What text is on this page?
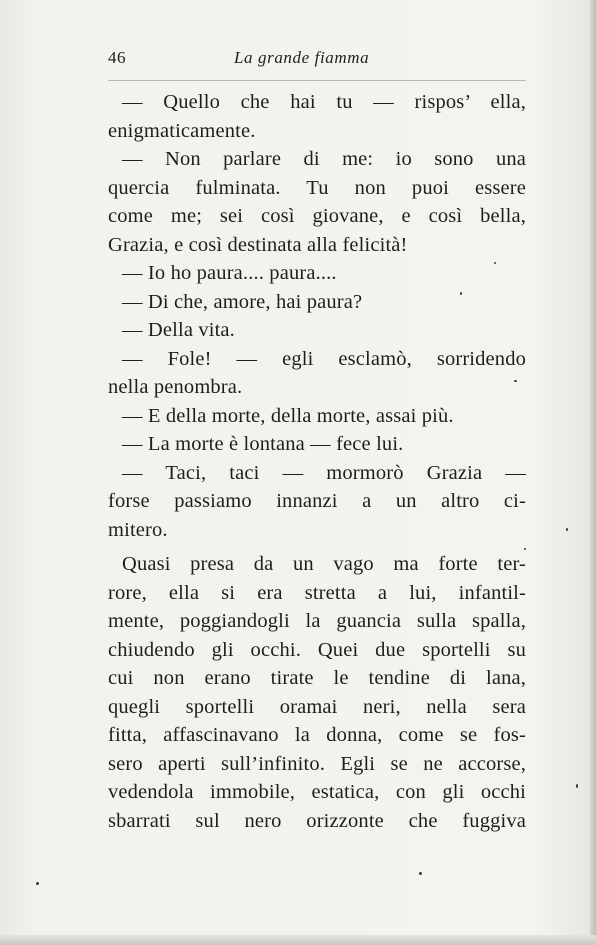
46	La grande fiamma
— Quello che hai tu — rispos’ ella,
enigmaticamente.
— Non parlare di me: io sono una
quercia fulminata. Tu non puoi essere
come me; sei così giovane, e così bella,
Grazia, e così destinata alla felicità!
— Io ho paura.... paura....
— Di che, amore, hai paura?
— Della vita.
— Fole! — egli esclamò, sorridendo
nella penombra.
— E della morte, della morte, assai più.
— La morte è lontana — fece lui.
— Taci, taci — mormorò Grazia —
forse passiamo innanzi a un altro ci-
mitero.
Quasi presa da un vago ma forte ter-
rore, ella si era stretta a lui, infantil-
mente, poggiandogli la guancia sulla spalla,
chiudendo gli occhi. Quei due sportelli su
cui non erano tirate le tendine di lana,
quegli sportelli oramai neri, nella sera
fitta, affascinavano la donna, come se fos-
sero aperti sull’infinito. Egli se ne accorse,
vedendola immobile, estatica, con gli occhi
sbarrati sul nero orizzonte che fuggiva
